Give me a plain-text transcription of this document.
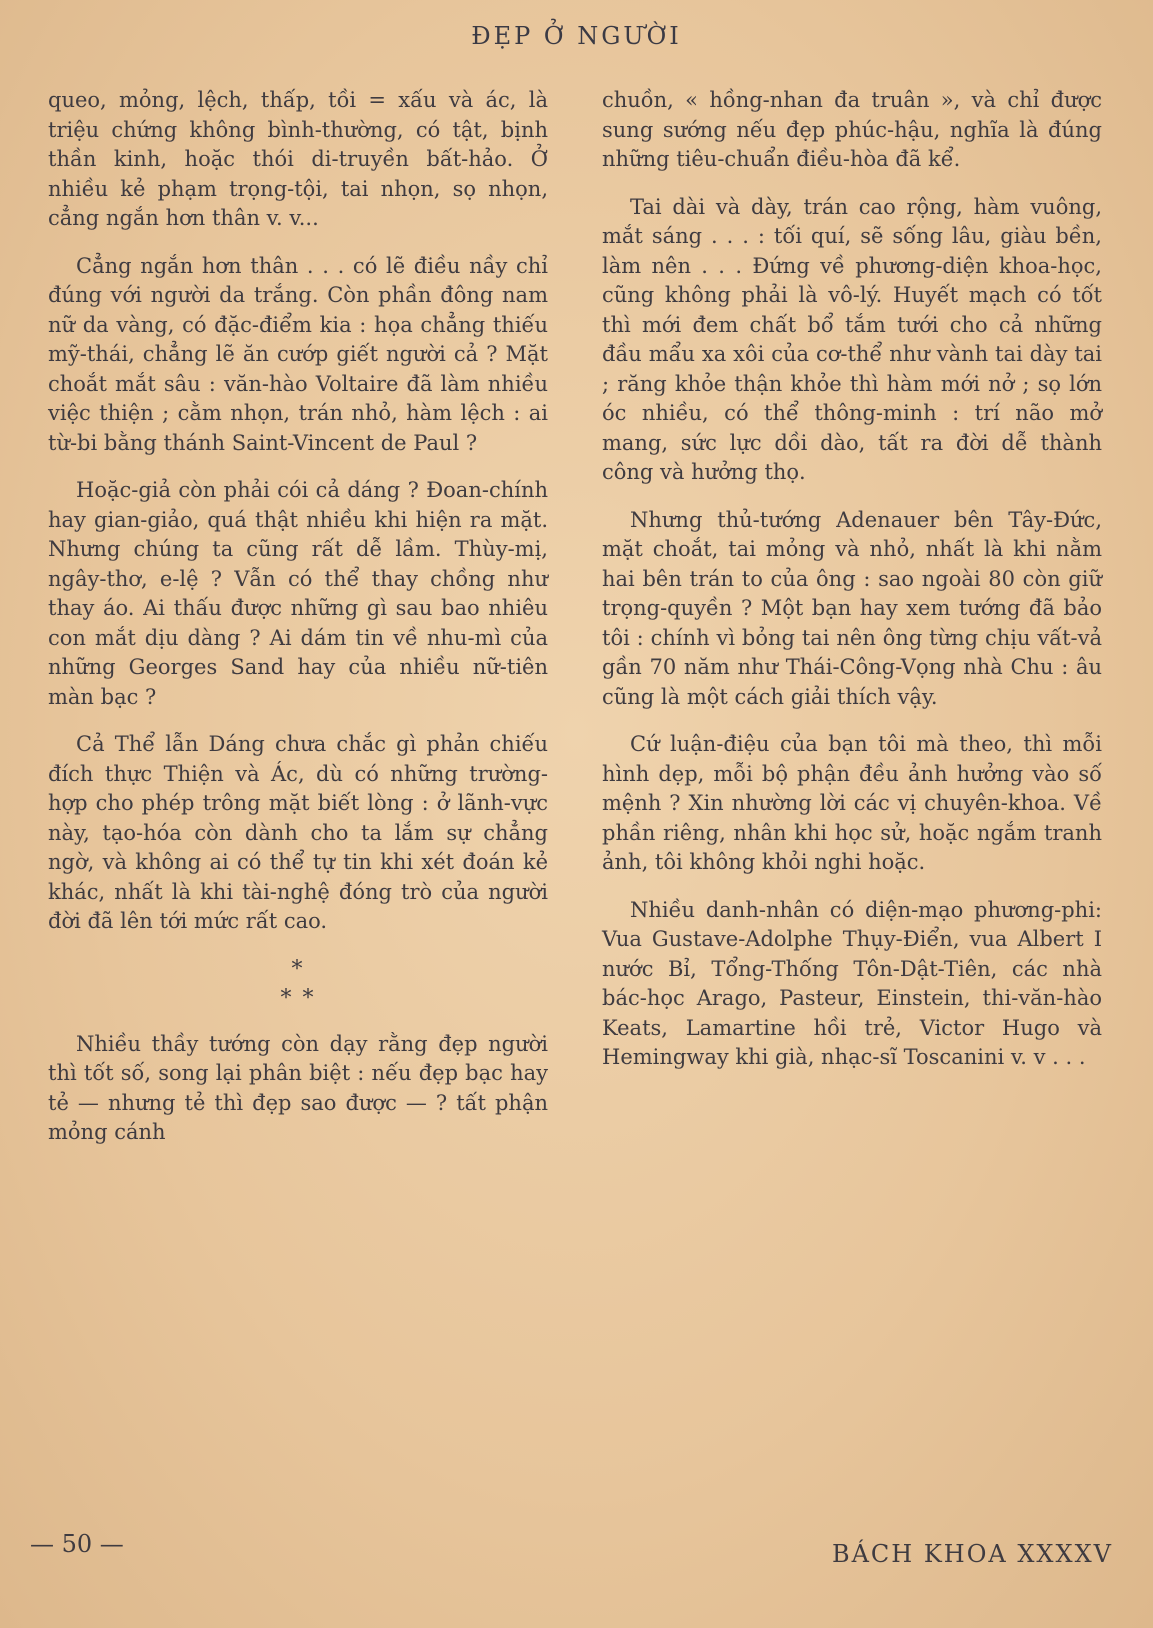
ĐẸP Ở NGƯỜI

queo, mỏng, lệch, thấp, tồi = xấu và ác, là triệu chứng không bình-thường, có tật, bịnh thần kinh, hoặc thói di-truyền bất-hảo. Ở nhiều kẻ phạm trọng-tội, tai nhọn, sọ nhọn, cẳng ngắn hơn thân v. v...

Cẳng ngắn hơn thân . . . có lẽ điều nầy chỉ đúng với người da trắng. Còn phần đông nam nữ da vàng, có đặc-điểm kia : họa chẳng thiếu mỹ-thái, chẳng lẽ ăn cướp giết người cả ? Mặt choắt mắt sâu : văn-hào Voltaire đã làm nhiều việc thiện ; cằm nhọn, trán nhỏ, hàm lệch : ai từ-bi bằng thánh Saint-Vincent de Paul ?

Hoặc-giả còn phải cói cả dáng ? Đoan-chính hay gian-giảo, quá thật nhiều khi hiện ra mặt. Nhưng chúng ta cũng rất dễ lầm. Thùy-mị, ngây-thơ, e-lệ ? Vẫn có thể thay chồng như thay áo. Ai thấu được những gì sau bao nhiêu con mắt dịu dàng ? Ai dám tin về nhu-mì của những Georges Sand hay của nhiều nữ-tiên màn bạc ?

Cả Thể lẫn Dáng chưa chắc gì phản chiếu đích thực Thiện và Ác, dù có những trường-hợp cho phép trông mặt biết lòng : ở lãnh-vực này, tạo-hóa còn dành cho ta lắm sự chẳng ngờ, và không ai có thể tự tin khi xét đoán kẻ khác, nhất là khi tài-nghệ đóng trò của người đời đã lên tới mức rất cao.

*
* *

Nhiều thầy tướng còn dạy rằng đẹp người thì tốt số, song lại phân biệt : nếu đẹp bạc hay tẻ — nhưng tẻ thì đẹp sao được — ? tất phận mỏng cánh

chuồn, « hồng-nhan đa truân », và chỉ được sung sướng nếu đẹp phúc-hậu, nghĩa là đúng những tiêu-chuẩn điều-hòa đã kể.

Tai dài và dày, trán cao rộng, hàm vuông, mắt sáng . . . : tối quí, sẽ sống lâu, giàu bền, làm nên . . . Đứng về phương-diện khoa-học, cũng không phải là vô-lý. Huyết mạch có tốt thì mới đem chất bổ tắm tưới cho cả những đầu mẩu xa xôi của cơ-thể như vành tai dày tai ; răng khỏe thận khỏe thì hàm mới nở ; sọ lớn óc nhiều, có thể thông-minh : trí não mở mang, sức lực dồi dào, tất ra đời dễ thành công và hưởng thọ.

Nhưng thủ-tướng Adenauer bên Tây-Đức, mặt choắt, tai mỏng và nhỏ, nhất là khi nằm hai bên trán to của ông : sao ngoài 80 còn giữ trọng-quyền ? Một bạn hay xem tướng đã bảo tôi : chính vì bỏng tai nên ông từng chịu vất-vả gần 70 năm như Thái-Công-Vọng nhà Chu : âu cũng là một cách giải thích vậy.

Cứ luận-điệu của bạn tôi mà theo, thì mỗi hình dẹp, mỗi bộ phận đều ảnh hưởng vào số mệnh ? Xin nhường lời các vị chuyên-khoa. Về phần riêng, nhân khi học sử, hoặc ngắm tranh ảnh, tôi không khỏi nghi hoặc.

Nhiều danh-nhân có diện-mạo phương-phi: Vua Gustave-Adolphe Thụy-Điển, vua Albert I nước Bỉ, Tổng-Thống Tôn-Dật-Tiên, các nhà bác-học Arago, Pasteur, Einstein, thi-văn-hào Keats, Lamartine hồi trẻ, Victor Hugo và Hemingway khi già, nhạc-sĩ Toscanini v. v . . .

— 50 —	BÁCH KHOA XXXXV
